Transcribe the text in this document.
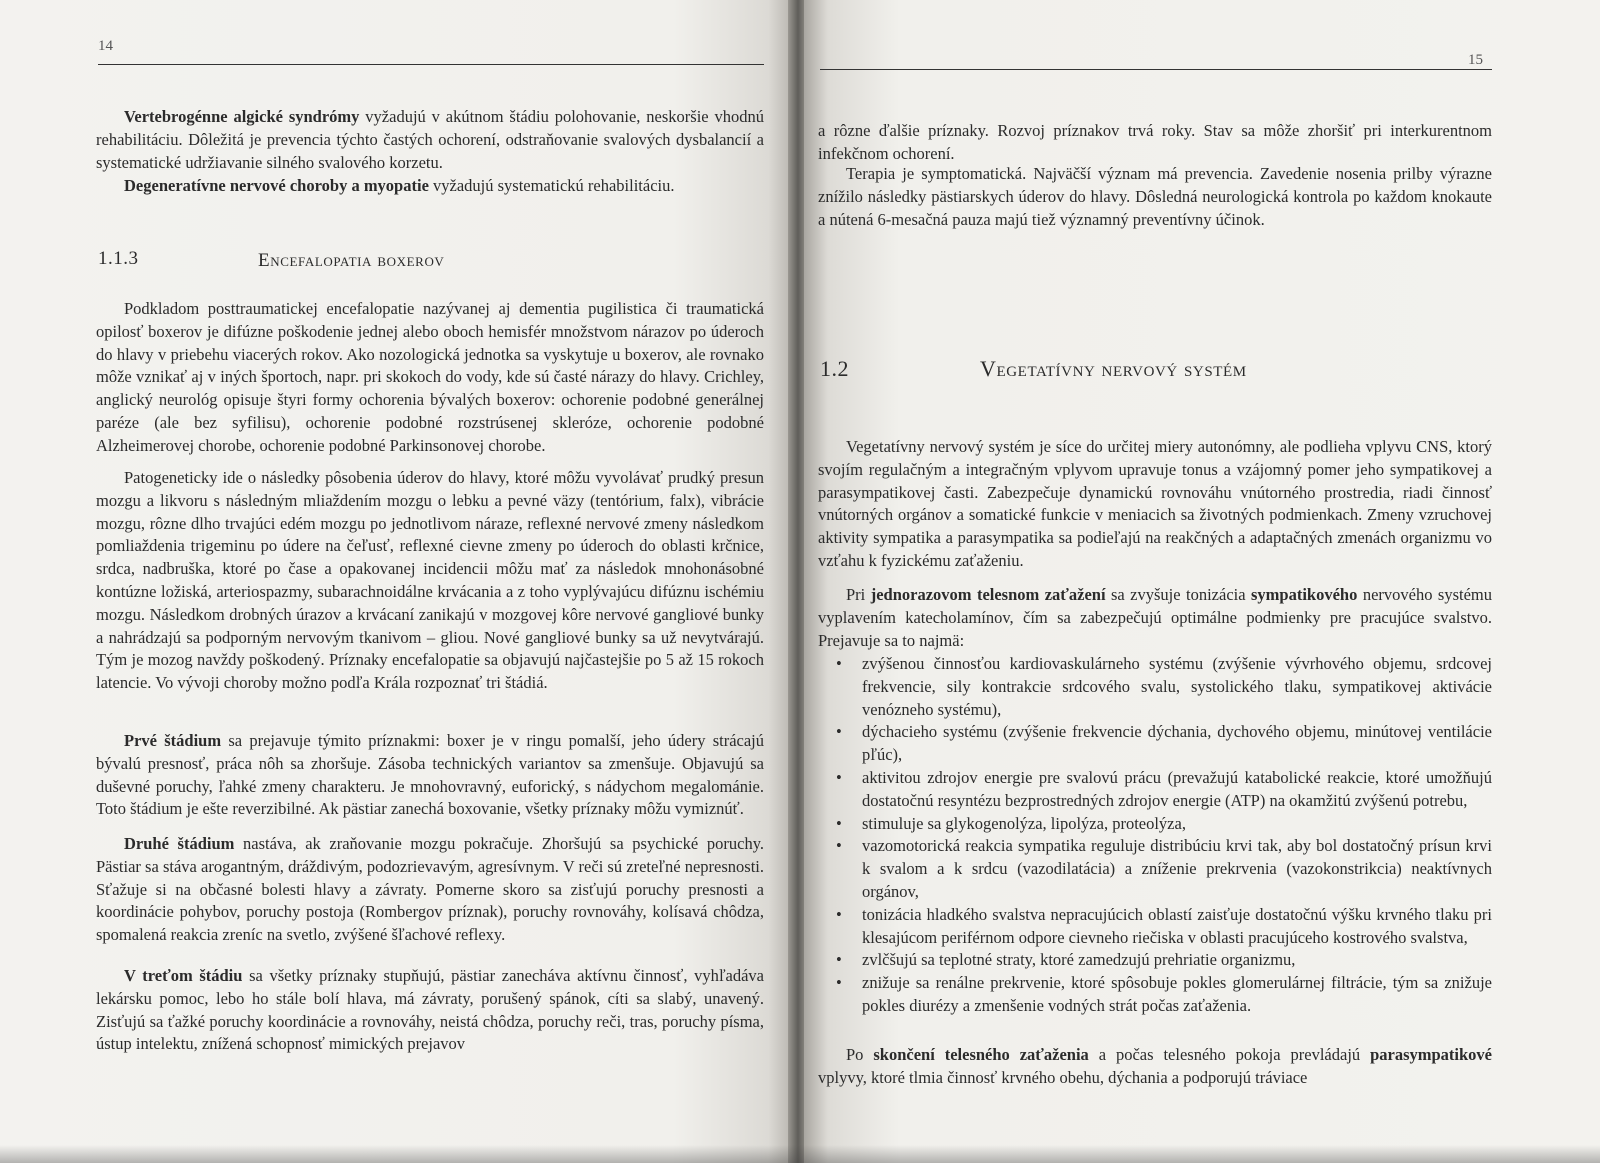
14

Vertebrogénne algické syndrómy vyžadujú v akútnom štádiu polohovanie, neskoršie vhodnú rehabilitáciu. Dôležitá je prevencia týchto častých ochorení, odstraňovanie svalových dysbalancií a systematické udržiavanie silného svalového korzetu.

Degeneratívne nervové choroby a myopatie vyžadujú systematickú rehabilitáciu.

1.1.3	Encefalopatia boxerov

Podkladom posttraumatickej encefalopatie nazývanej aj dementia pugilistica či traumatická opilosť boxerov je difúzne poškodenie jednej alebo oboch hemisfér množstvom nárazov po úderoch do hlavy v priebehu viacerých rokov. Ako nozologická jednotka sa vyskytuje u boxerov, ale rovnako môže vznikať aj v iných športoch, napr. pri skokoch do vody, kde sú časté nárazy do hlavy. Crichley, anglický neurológ opisuje štyri formy ochorenia bývalých boxerov: ochorenie podobné generálnej paréze (ale bez syfilisu), ochorenie podobné rozstrúsenej skleróze, ochorenie podobné Alzheimerovej chorobe, ochorenie podobné Parkinsonovej chorobe.

Patogeneticky ide o následky pôsobenia úderov do hlavy, ktoré môžu vyvolávať prudký presun mozgu a likvoru s následným mliaždením mozgu o lebku a pevné väzy (tentórium, falx), vibrácie mozgu, rôzne dlho trvajúci edém mozgu po jednotlivom náraze, reflexné nervové zmeny následkom pomliaždenia trigeminu po údere na čeľusť, reflexné cievne zmeny po úderoch do oblasti krčnice, srdca, nadbruška, ktoré po čase a opakovanej incidencii môžu mať za následok mnohonásobné kontúzne ložiská, arteriospazmy, subarachnoidálne krvácania a z toho vyplývajúcu difúznu ischémiu mozgu. Následkom drobných úrazov a krvácaní zanikajú v mozgovej kôre nervové gangliové bunky a nahrádzajú sa podporným nervovým tkanivom – gliou. Nové gangliové bunky sa už nevytvárajú. Tým je mozog navždy poškodený. Príznaky encefalopatie sa objavujú najčastejšie po 5 až 15 rokoch latencie. Vo vývoji choroby možno podľa Krála rozpoznať tri štádiá.

Prvé štádium sa prejavuje týmito príznakmi: boxer je v ringu pomalší, jeho údery strácajú bývalú presnosť, práca nôh sa zhoršuje. Zásoba technických variantov sa zmenšuje. Objavujú sa duševné poruchy, ľahké zmeny charakteru. Je mnohovravný, euforický, s nádychom megalománie. Toto štádium je ešte reverzibilné. Ak pästiar zanechá boxovanie, všetky príznaky môžu vymiznúť.

Druhé štádium nastáva, ak zraňovanie mozgu pokračuje. Zhoršujú sa psychické poruchy. Pästiar sa stáva arogantným, dráždivým, podozrievavým, agresívnym. V reči sú zreteľné nepresnosti. Sťažuje si na občasné bolesti hlavy a závraty. Pomerne skoro sa zisťujú poruchy presnosti a koordinácie pohybov, poruchy postoja (Rombergov príznak), poruchy rovnováhy, kolísavá chôdza, spomalená reakcia zreníc na svetlo, zvýšené šľachové reflexy.

V treťom štádiu sa všetky príznaky stupňujú, pästiar zanecháva aktívnu činnosť, vyhľadáva lekársku pomoc, lebo ho stále bolí hlava, má závraty, porušený spánok, cíti sa slabý, unavený. Zisťujú sa ťažké poruchy koordinácie a rovnováhy, neistá chôdza, poruchy reči, tras, poruchy písma, ústup intelektu, znížená schopnosť mimických prejavov

15

a rôzne ďalšie príznaky. Rozvoj príznakov trvá roky. Stav sa môže zhoršiť pri interkurentnom infekčnom ochorení.

Terapia je symptomatická. Najväčší význam má prevencia. Zavedenie nosenia prilby výrazne znížilo následky pästiarskych úderov do hlavy. Dôsledná neurologická kontrola po každom knokaute a nútená 6-mesačná pauza majú tiež významný preventívny účinok.

1.2	Vegetatívny nervový systém

Vegetatívny nervový systém je síce do určitej miery autonómny, ale podlieha vplyvu CNS, ktorý svojím regulačným a integračným vplyvom upravuje tonus a vzájomný pomer jeho sympatikovej a parasympatikovej časti. Zabezpečuje dynamickú rovnováhu vnútorného prostredia, riadi činnosť vnútorných orgánov a somatické funkcie v meniacich sa životných podmienkach. Zmeny vzruchovej aktivity sympatika a parasympatika sa podieľajú na reakčných a adaptačných zmenách organizmu vo vzťahu k fyzickému zaťaženiu.

Pri jednorazovom telesnom zaťažení sa zvyšuje tonizácia sympatikového nervového systému vyplavením katecholamínov, čím sa zabezpečujú optimálne podmienky pre pracujúce svalstvo. Prejavuje sa to najmä:

• zvýšenou činnosťou kardiovaskulárneho systému (zvýšenie vývrhového objemu, srdcovej frekvencie, sily kontrakcie srdcového svalu, systolického tlaku, sympatikovej aktivácie venózneho systému),
• dýchacieho systému (zvýšenie frekvencie dýchania, dychového objemu, minútovej ventilácie pľúc),
• aktivitou zdrojov energie pre svalovú prácu (prevažujú katabolické reakcie, ktoré umožňujú dostatočnú resyntézu bezprostredných zdrojov energie (ATP) na okamžitú zvýšenú potrebu,
• stimuluje sa glykogenolýza, lipolýza, proteolýza,
• vazomotorická reakcia sympatika reguluje distribúciu krvi tak, aby bol dostatočný prísun krvi k svalom a k srdcu (vazodilatácia) a zníženie prekrvenia (vazokonstrikcia) neaktívnych orgánov,
• tonizácia hladkého svalstva nepracujúcich oblastí zaisťuje dostatočnú výšku krvného tlaku pri klesajúcom periférnom odpore cievneho riečiska v oblasti pracujúceho kostrového svalstva,
• zvlčšujú sa teplotné straty, ktoré zamedzujú prehriatie organizmu,
• znižuje sa renálne prekrvenie, ktoré spôsobuje pokles glomerulárnej filtrácie, tým sa znižuje pokles diurézy a zmenšenie vodných strát počas zaťaženia.

Po skončení telesného zaťaženia a počas telesného pokoja prevládajú parasympatikové vplyvy, ktoré tlmia činnosť krvného obehu, dýchania a podporujú tráviace
